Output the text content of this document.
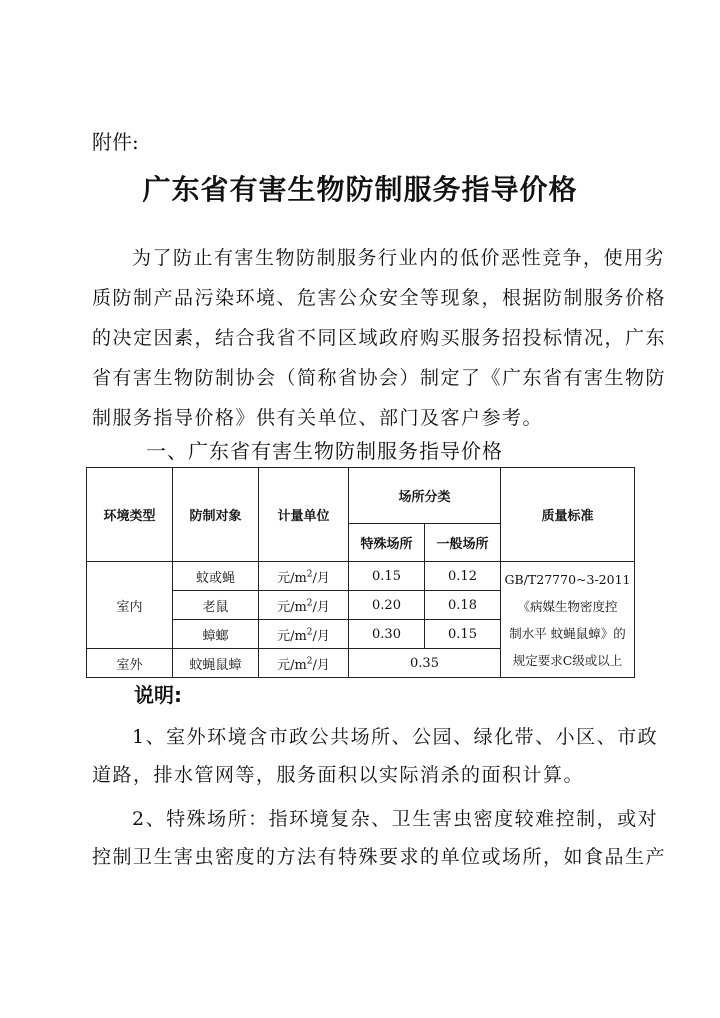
附件:
广东省有害生物防制服务指导价格
为了防止有害生物防制服务行业内的低价恶性竞争，使用劣
质防制产品污染环境、危害公众安全等现象，根据防制服务价格
的决定因素，结合我省不同区域政府购买服务招投标情况，广东
省有害生物防制协会（简称省协会）制定了《广东省有害生物防
制服务指导价格》供有关单位、部门及客户参考。
一、广东省有害生物防制服务指导价格
环境类型	防制对象	计量单位	场所分类		质量标准
			特殊场所	一般场所	
室内	蚊或蝇	元$/m^2/$月	0.15	0.12	GB/T27770~3-2011
《病媒生物密度控
制水平 蚊蝇鼠蟑》的
规定要求C级或以上

	老鼠	元$/m^2/$月	0.20	0.18	
	蟑螂	元$/m^2/$月	0.30	0.15	
室外	蚊蝇鼠蟑	元$/m^2/$月	0.35		
说明:
1、室外环境含市政公共场所、公园、绿化带、小区、市政
道路，排水管网等，服务面积以实际消杀的面积计算。
2、特殊场所：指环境复杂、卫生害虫密度较难控制，或对
控制卫生害虫密度的方法有特殊要求的单位或场所，如食品生产
